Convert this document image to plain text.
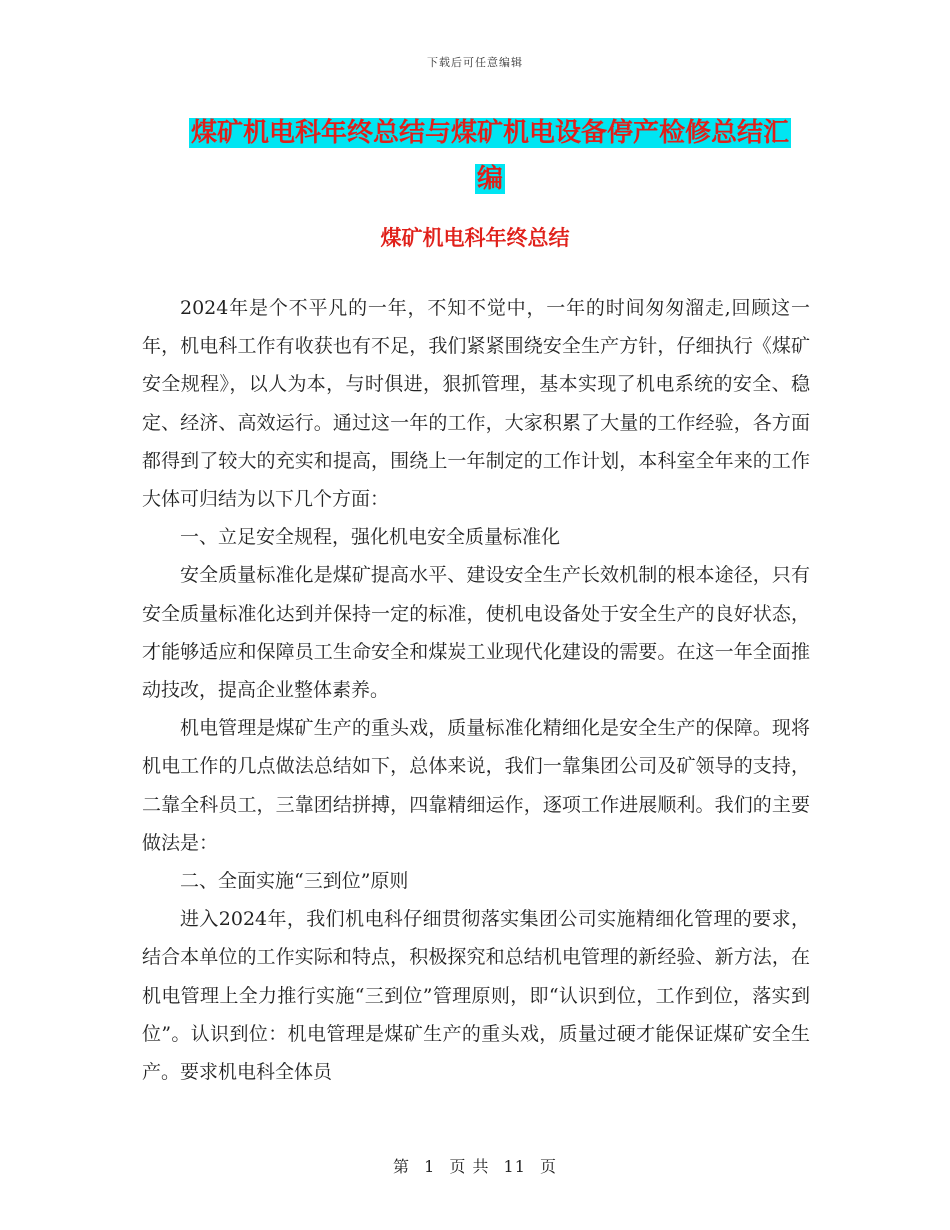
下载后可任意编辑
煤矿机电科年终总结与煤矿机电设备停产检修总结汇
编
煤矿机电科年终总结

2024年是个不平凡的一年，不知不觉中，一年的时间匆匆溜走,回顾这一年，机电科工作有收获也有不足，我们紧紧围绕安全生产方针，仔细执行《煤矿安全规程》，以人为本，与时俱进，狠抓管理，基本实现了机电系统的安全、稳定、经济、高效运行。通过这一年的工作，大家积累了大量的工作经验，各方面都得到了较大的充实和提高，围绕上一年制定的工作计划，本科室全年来的工作大体可归结为以下几个方面：

一、立足安全规程，强化机电安全质量标准化

安全质量标准化是煤矿提高水平、建设安全生产长效机制的根本途径，只有安全质量标准化达到并保持一定的标准，使机电设备处于安全生产的良好状态，才能够适应和保障员工生命安全和煤炭工业现代化建设的需要。在这一年全面推动技改，提高企业整体素养。

机电管理是煤矿生产的重头戏，质量标准化精细化是安全生产的保障。现将机电工作的几点做法总结如下，总体来说，我们一靠集团公司及矿领导的支持，二靠全科员工，三靠团结拼搏，四靠精细运作，逐项工作进展顺利。我们的主要做法是：

二、全面实施“三到位”原则

进入2024年，我们机电科仔细贯彻落实集团公司实施精细化管理的要求，结合本单位的工作实际和特点，积极探究和总结机电管理的新经验、新方法，在机电管理上全力推行实施“三到位”管理原则，即“认识到位，工作到位，落实到位”。认识到位：机电管理是煤矿生产的重头戏，质量过硬才能保证煤矿安全生产。要求机电科全体员

第 1 页 共 11 页
